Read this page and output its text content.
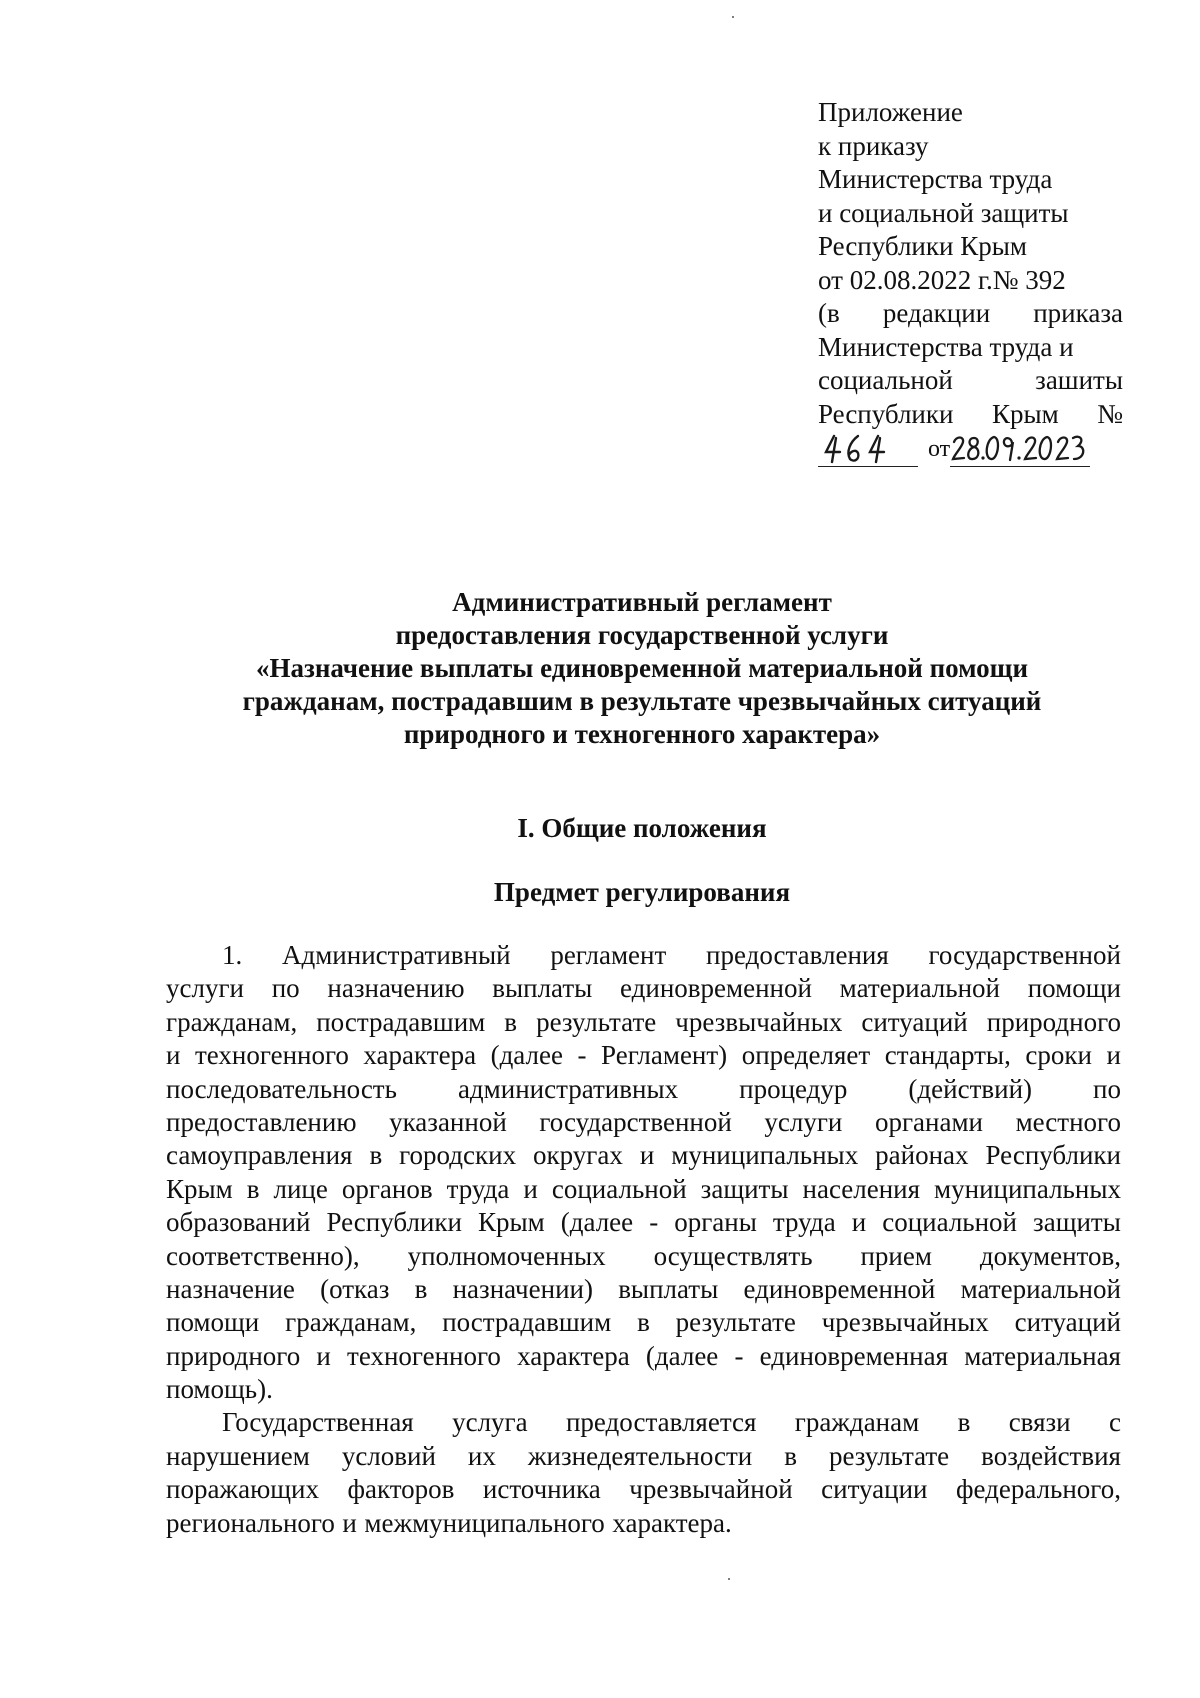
Приложение
к приказу
Министерства труда
и социальной защиты
Республики Крым
от 02.08.2022 г.№ 392
(в редакции приказа
Министерства труда и
социальной	зашиты
Республики Крым №
от
Административный регламент
предоставления государственной услуги
«Назначение выплаты единовременной материальной помощи
гражданам, пострадавшим в результате чрезвычайных ситуаций
природного и техногенного характера»
I. Общие положения
Предмет регулирования
1. Административный регламент предоставления государственной
услуги по назначению выплаты единовременной материальной помощи
гражданам, пострадавшим в результате чрезвычайных ситуаций природного
и техногенного характера (далее - Регламент) определяет стандарты, сроки и
последовательность административных процедур (действий) по
предоставлению указанной государственной услуги органами местного
самоуправления в городских округах и муниципальных районах Республики
Крым в лице органов труда и социальной защиты населения муниципальных
образований Республики Крым (далее - органы труда и социальной защиты
соответственно), уполномоченных осуществлять прием документов,
назначение (отказ в назначении) выплаты единовременной материальной
помощи гражданам, пострадавшим в результате чрезвычайных ситуаций
природного и техногенного характера (далее - единовременная материальная
помощь).
Государственная услуга предоставляется гражданам в связи с
нарушением условий их жизнедеятельности в результате воздействия
поражающих факторов источника чрезвычайной ситуации федерального,
регионального и межмуниципального характера.
